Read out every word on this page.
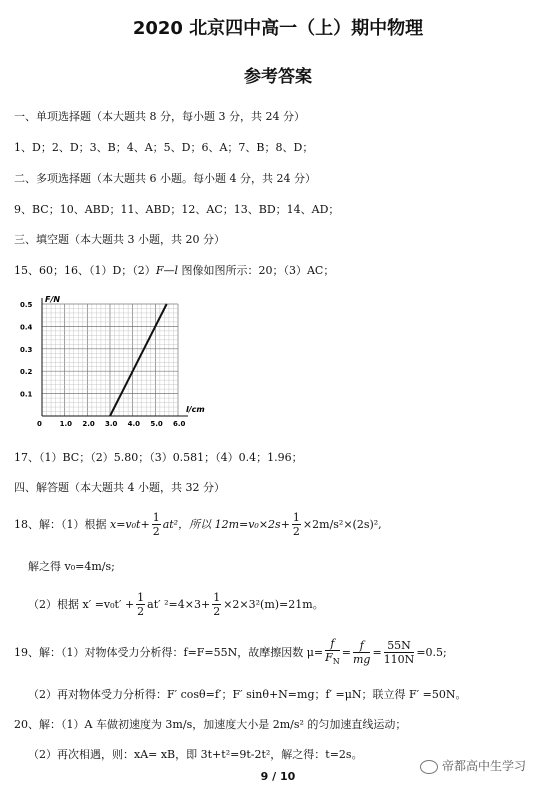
2020 北京四中高一（上）期中物理
参考答案
一、单项选择题（本大题共 8 分，每小题 3 分，共 24 分）
1、D；2、D；3、B；4、A；5、D；6、A；7、B；8、D；
二、多项选择题（本大题共 6 小题。每小题 4 分，共 24 分）
9、BC；10、ABD；11、ABD；12、AC；13、BD；14、AD；
三、填空题（本大题共 3 小题，共 20 分）
15、60；16、（1）D；（2）F—l 图像如图所示：20；（3）AC；
0	1.0 2.0 3.0 4.0 5.0 6.0
0.1
0.2
0.3
0.4
0.5
F/N
l/cm
17、（1）BC；（2）5.80；（3）0.581；（4）0.4；1.96；
四、解答题（本大题共 4 小题，共 32 分）
18、解：（1）根据 $x=v_0t+ \frac{1}{2} at^2$，所以 $12m=v_0\times 2s+ \frac{1}{2} \times 2m/s^2\times(2s)^2$,
解之得 v₀=4m/s;
（2）根据 $x' =v_0t' + \frac{1}{2} at'$ $^2=4\times 3+ \frac{1}{2} \times 2\times 3^2(m)=21m$。
19、解：（1）对物体受力分析得：f=F=55N，故摩擦因数 $\mu= \frac{f}{F_N} = \frac{f}{mg} = \frac{55N}{110N} =0.5$;
（2）再对物体受力分析得：F′ cosθ=f′；F′ sinθ+N=mg；f′ =μN；联立得 F′ =50N。
20、解：（1）A 车做初速度为 3m/s，加速度大小是 2m/s² 的匀加速直线运动；
（2）再次相遇，则：xA= xB，即 3t+t²=9t-2t²，解之得：t=2s。
帝都高中生学习
9 / 10
